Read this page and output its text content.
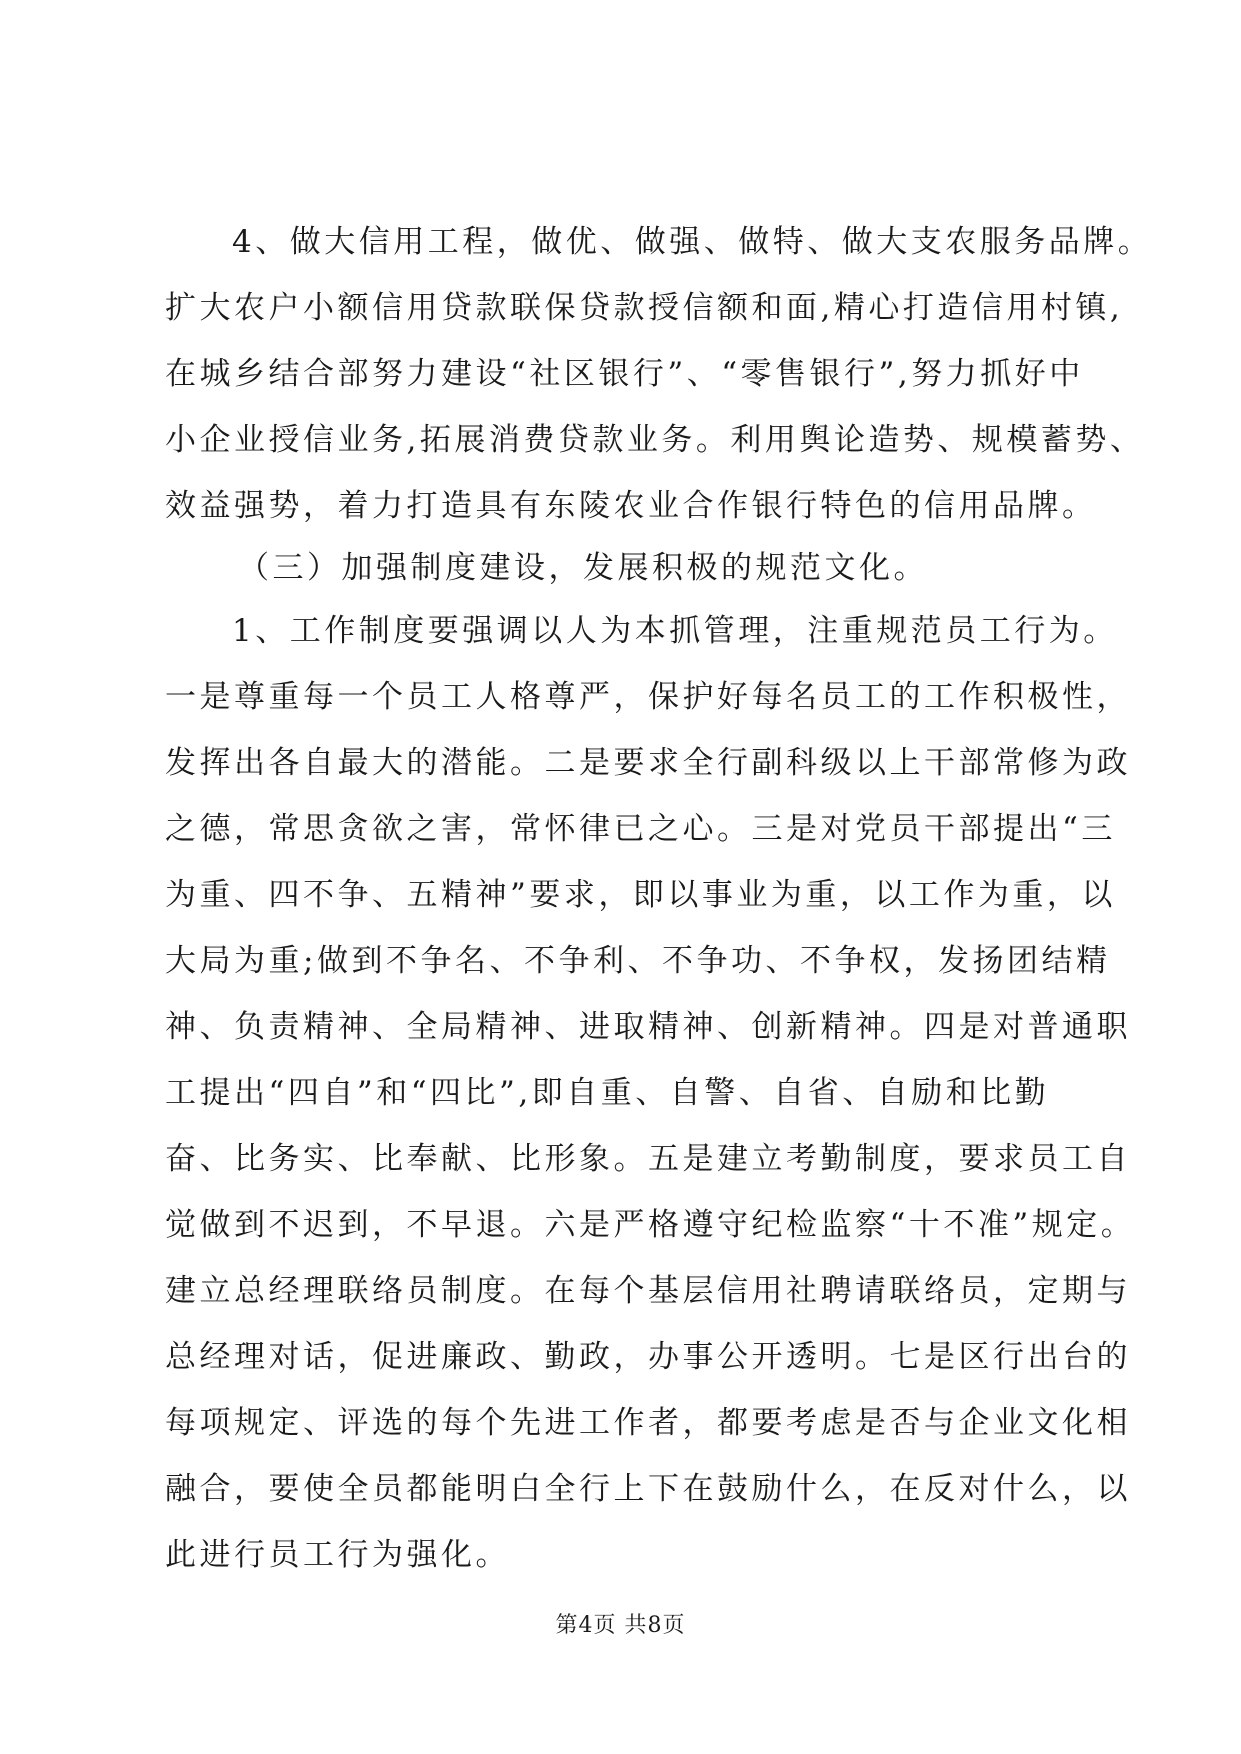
4、做大信用工程，做优、做强、做特、做大支农服务品牌。
扩大农户小额信用贷款联保贷款授信额和面,精心打造信用村镇,
在城乡结合部努力建设“社区银行”、“零售银行”,努力抓好中
小企业授信业务,拓展消费贷款业务。利用舆论造势、规模蓄势、
效益强势，着力打造具有东陵农业合作银行特色的信用品牌。
（三）加强制度建设，发展积极的规范文化。
1、工作制度要强调以人为本抓管理，注重规范员工行为。
一是尊重每一个员工人格尊严，保护好每名员工的工作积极性，
发挥出各自最大的潜能。二是要求全行副科级以上干部常修为政
之德，常思贪欲之害，常怀律已之心。三是对党员干部提出“三
为重、四不争、五精神”要求，即以事业为重，以工作为重，以
大局为重;做到不争名、不争利、不争功、不争权，发扬团结精
神、负责精神、全局精神、进取精神、创新精神。四是对普通职
工提出“四自”和“四比”,即自重、自警、自省、自励和比勤
奋、比务实、比奉献、比形象。五是建立考勤制度，要求员工自
觉做到不迟到，不早退。六是严格遵守纪检监察“十不准”规定。
建立总经理联络员制度。在每个基层信用社聘请联络员，定期与
总经理对话，促进廉政、勤政，办事公开透明。七是区行出台的
每项规定、评选的每个先进工作者，都要考虑是否与企业文化相
融合，要使全员都能明白全行上下在鼓励什么，在反对什么，以
此进行员工行为强化。
第4页 共8页
